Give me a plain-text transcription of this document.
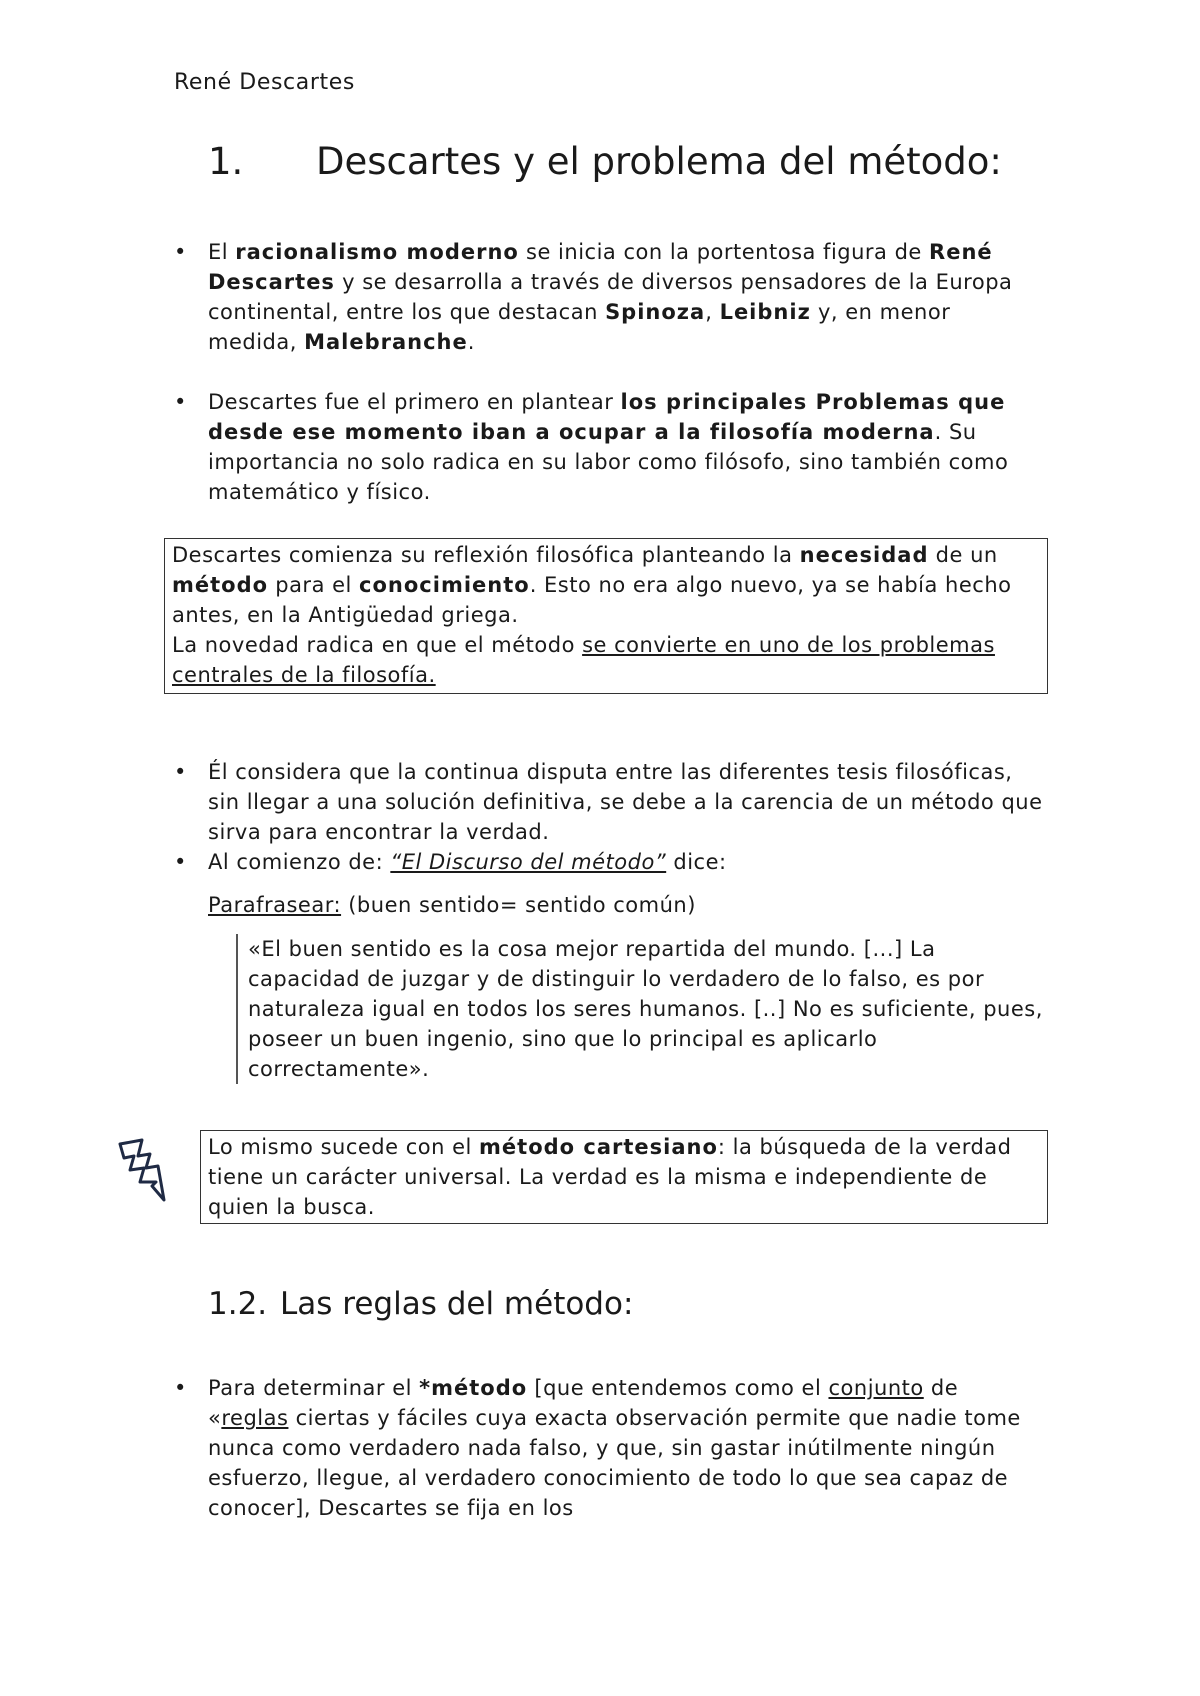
René Descartes
1. Descartes y el problema del método:
•	El racionalismo moderno se inicia con la portentosa figura de René Descartes y se desarrolla a través de diversos pensadores de la Europa continental, entre los que destacan Spinoza, Leibniz y, en menor medida, Malebranche.
•	Descartes fue el primero en plantear los principales Problemas que desde ese momento iban a ocupar a la filosofía moderna. Su importancia no solo radica en su labor como filósofo, sino también como matemático y físico.
Descartes comienza su reflexión filosófica planteando la necesidad de un método para el conocimiento. Esto no era algo nuevo, ya se había hecho antes, en la Antigüedad griega.
La novedad radica en que el método se convierte en uno de los problemas centrales de la filosofía.
•	Él considera que la continua disputa entre las diferentes tesis filosóficas, sin llegar a una solución definitiva, se debe a la carencia de un método que sirva para encontrar la verdad.
•	Al comienzo de: “El Discurso del método” dice:
Parafrasear: (buen sentido= sentido común)
«El buen sentido es la cosa mejor repartida del mundo. [...] La capacidad de juzgar y de distinguir lo verdadero de lo falso, es por naturaleza igual en todos los seres humanos. [..] No es suficiente, pues, poseer un buen ingenio, sino que lo principal es aplicarlo correctamente».
Lo mismo sucede con el método cartesiano: la búsqueda de la verdad tiene un carácter universal. La verdad es la misma e independiente de quien la busca.
1.2. Las reglas del método:
•	Para determinar el *método [que entendemos como el conjunto de «reglas ciertas y fáciles cuya exacta observación permite que nadie tome nunca como verdadero nada falso, y que, sin gastar inútilmente ningún esfuerzo, llegue, al verdadero conocimiento de todo lo que sea capaz de conocer], Descartes se fija en los
